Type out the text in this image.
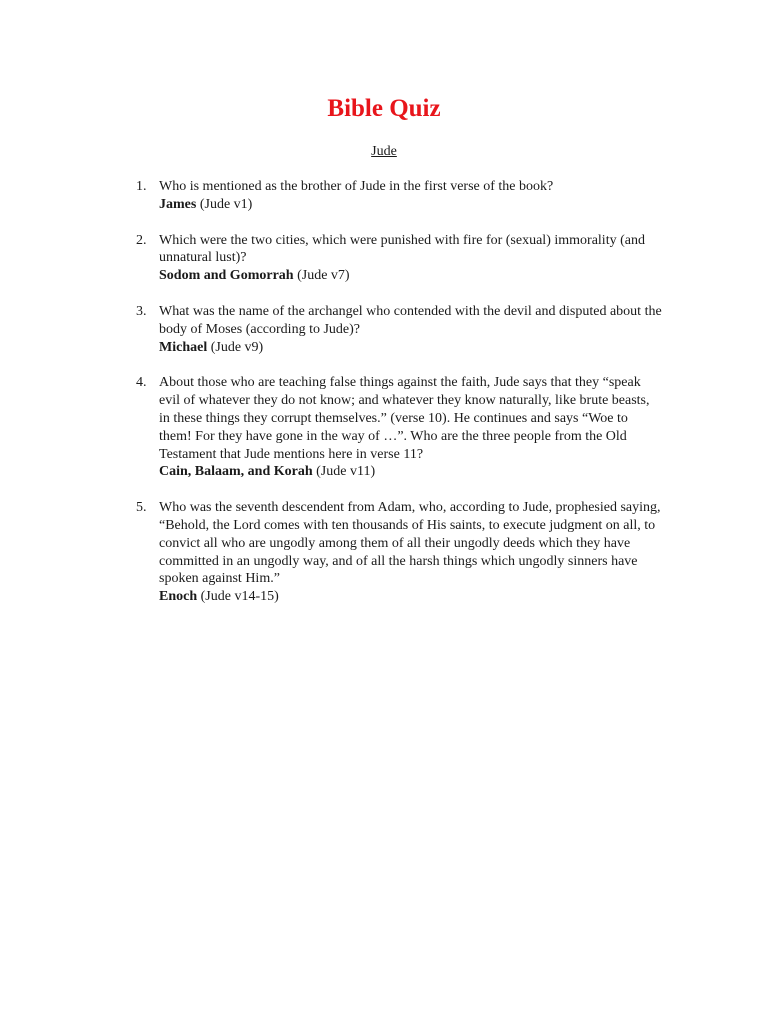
Bible Quiz

Jude

1. Who is mentioned as the brother of Jude in the first verse of the book?
James (Jude v1)
2. Which were the two cities, which were punished with fire for (sexual) immorality (and unnatural lust)?
Sodom and Gomorrah (Jude v7)
3. What was the name of the archangel who contended with the devil and disputed about the body of Moses (according to Jude)?
Michael (Jude v9)
4. About those who are teaching false things against the faith, Jude says that they “speak evil of whatever they do not know; and whatever they know naturally, like brute beasts, in these things they corrupt themselves.” (verse 10). He continues and says “Woe to them! For they have gone in the way of …”. Who are the three people from the Old Testament that Jude mentions here in verse 11?
Cain, Balaam, and Korah (Jude v11)
5. Who was the seventh descendent from Adam, who, according to Jude, prophesied saying, “Behold, the Lord comes with ten thousands of His saints, to execute judgment on all, to convict all who are ungodly among them of all their ungodly deeds which they have committed in an ungodly way, and of all the harsh things which ungodly sinners have spoken against Him.”
Enoch (Jude v14-15)
